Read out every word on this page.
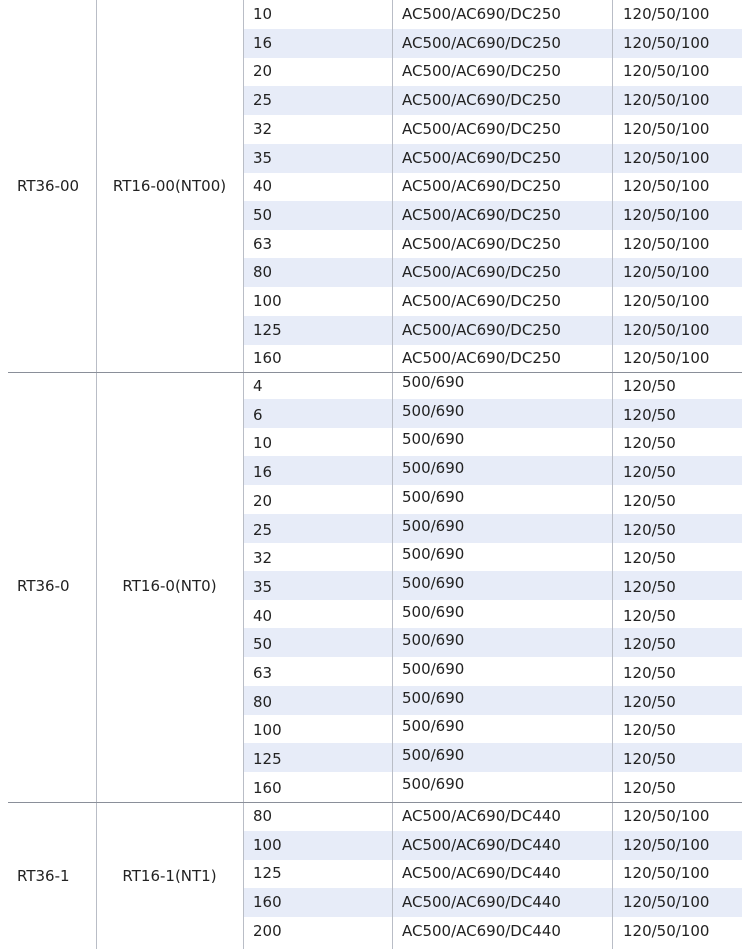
10	AC500/AC690/DC250	120/50/100
16	AC500/AC690/DC250	120/50/100
20	AC500/AC690/DC250	120/50/100
25	AC500/AC690/DC250	120/50/100
32	AC500/AC690/DC250	120/50/100
35	AC500/AC690/DC250	120/50/100
40	AC500/AC690/DC250	120/50/100
50	AC500/AC690/DC250	120/50/100
63	AC500/AC690/DC250	120/50/100
80	AC500/AC690/DC250	120/50/100
100	AC500/AC690/DC250	120/50/100
125	AC500/AC690/DC250	120/50/100
160	AC500/AC690/DC250	120/50/100
RT36-00	RT16-00(NT00)
4	500/690	120/50
6	500/690	120/50
10	500/690	120/50
16	500/690	120/50
20	500/690	120/50
25	500/690	120/50
32	500/690	120/50
35	500/690	120/50
40	500/690	120/50
50	500/690	120/50
63	500/690	120/50
80	500/690	120/50
100	500/690	120/50
125	500/690	120/50
160	500/690	120/50
RT36-0	RT16-0(NT0)
80	AC500/AC690/DC440	120/50/100
100	AC500/AC690/DC440	120/50/100
125	AC500/AC690/DC440	120/50/100
160	AC500/AC690/DC440	120/50/100
200	AC500/AC690/DC440	120/50/100
RT36-1	RT16-1(NT1)
